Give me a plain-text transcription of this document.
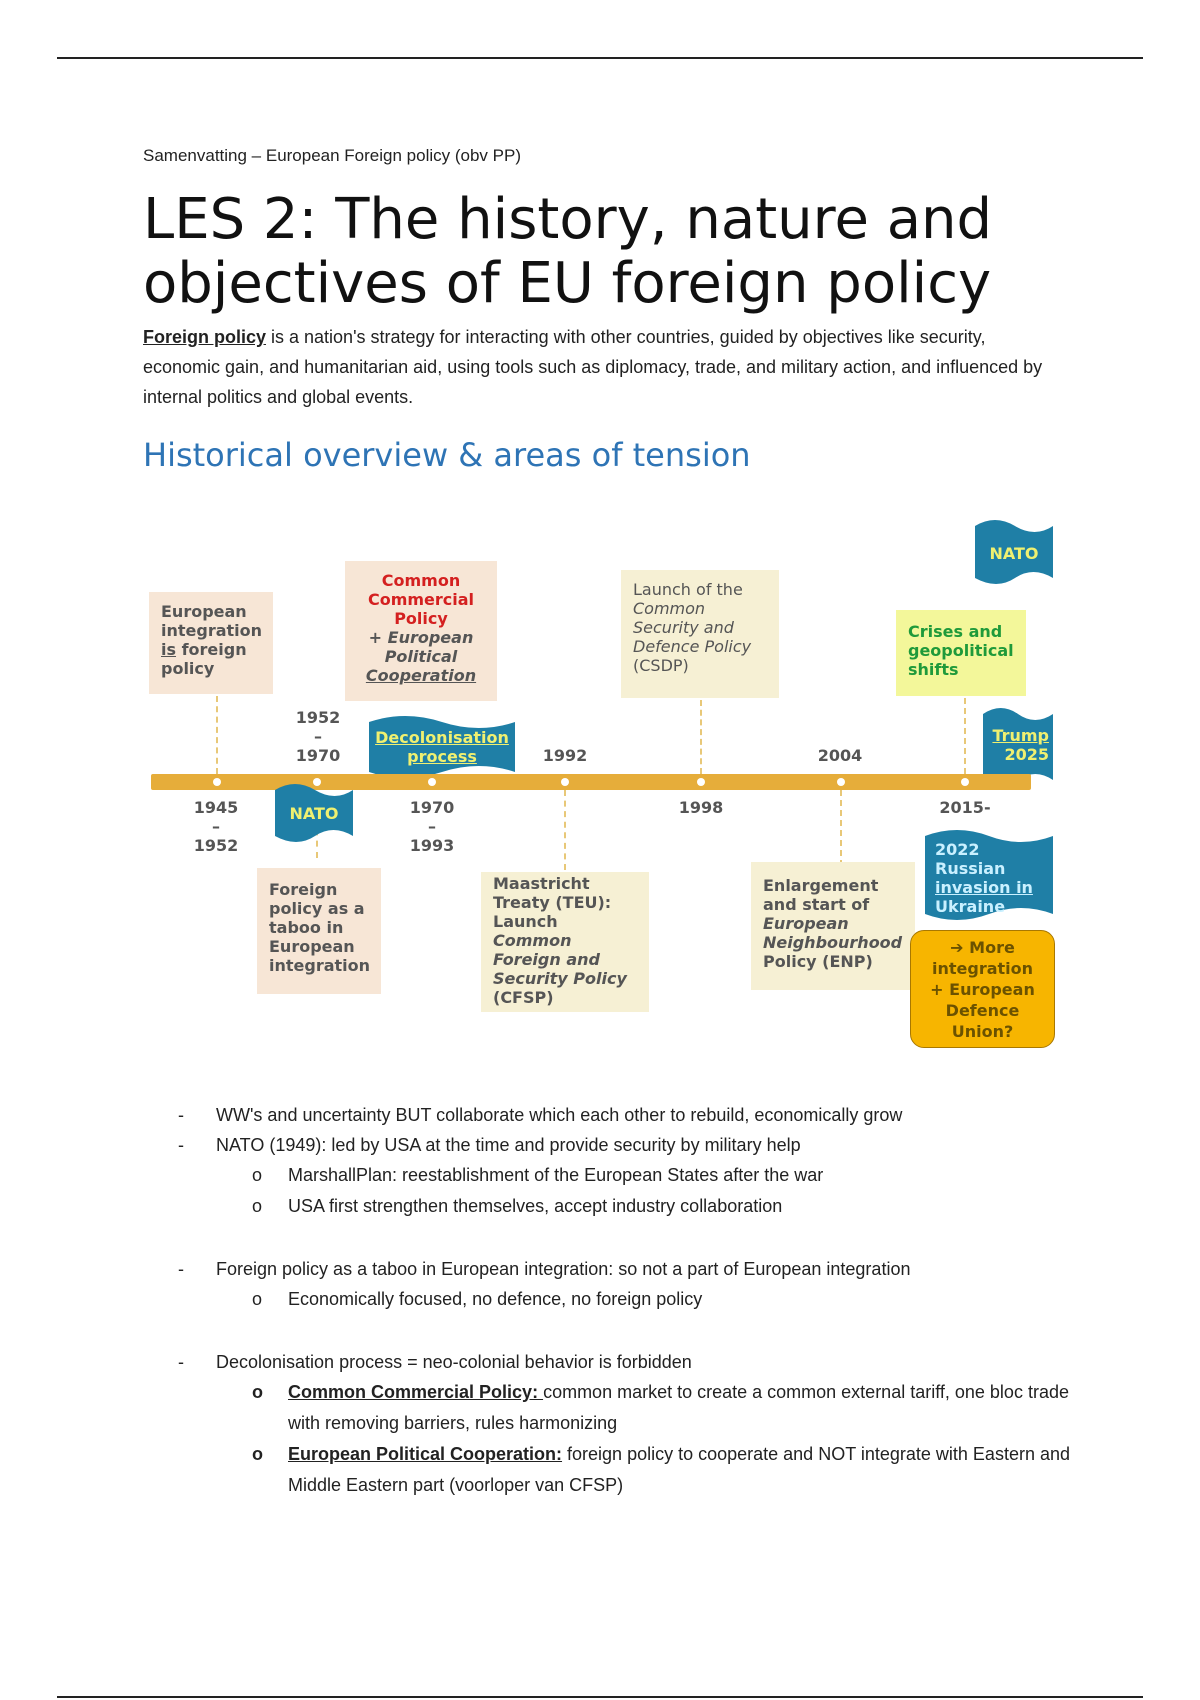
Samenvatting – European Foreign policy (obv PP)
LES 2: The history, nature and objectives of EU foreign policy

Foreign policy is a nation's strategy for interacting with other countries, guided by objectives like security, economic gain, and humanitarian aid, using tools such as diplomacy, trade, and military action, and influenced by internal politics and global events.

Historical overview & areas of tension
European
integration
is foreign
policy
Common
Commercial
Policy
+ European
Political
Cooperation
Launch of the
Common
Security and
Defence Policy
(CSDP)
Crises and
geopolitical
shifts
NATO
Decolonisation
process
Trump
2025
1952
–
1970	1992	2004
1945
–
1952
1970
–
1993
1998	2015-
NATO
2022 Russian
invasion in
Ukraine
Foreign
policy as a
taboo in
European
integration
Maastricht
Treaty (TEU):
Launch
Common
Foreign and
Security Policy
(CFSP)
Enlargement
and start of
European
Neighbourhood
Policy (ENP)
➔ More
integration
+ European
Defence
Union?
- WW's and uncertainty BUT collaborate which each other to rebuild, economically grow
- NATO (1949): led by USA at the time and provide security by military help
o MarshallPlan: reestablishment of the European States after the war
o USA first strengthen themselves, accept industry collaboration
- Foreign policy as a taboo in European integration: so not a part of European integration
o Economically focused, no defence, no foreign policy
- Decolonisation process = neo-colonial behavior is forbidden
o Common Commercial Policy: common market to create a common external tariff, one bloc trade with removing barriers, rules harmonizing
o European Political Cooperation: foreign policy to cooperate and NOT integrate with Eastern and Middle Eastern part (voorloper van CFSP)
